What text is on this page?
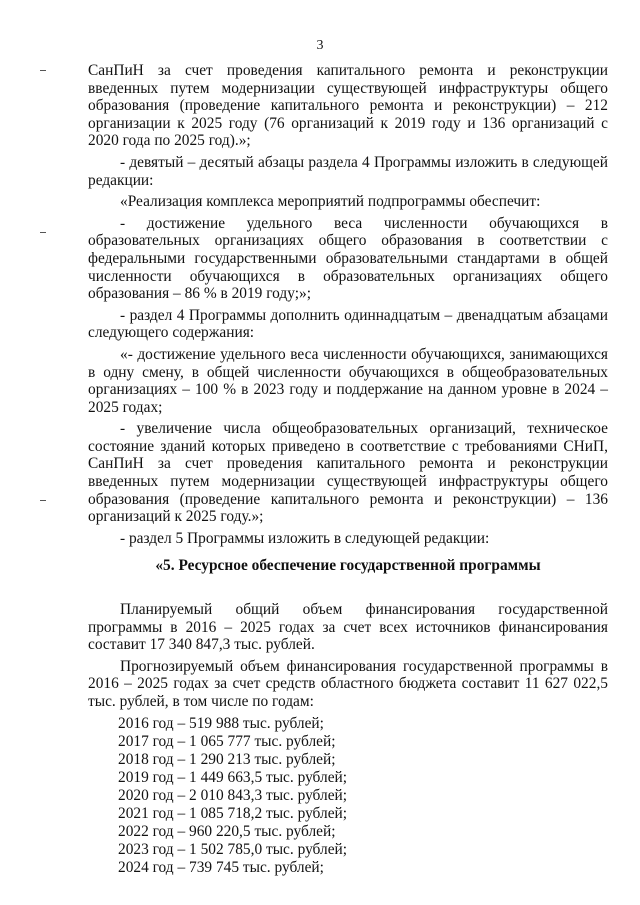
3

СанПиН за счет проведения капитального ремонта и реконструкции введенных путем модернизации существующей инфраструктуры общего образования (проведение капитального ремонта и реконструкции) – 212 организации к 2025 году (76 организаций к 2019 году и 136 организаций с 2020 года по 2025 год).»;

- девятый – десятый абзацы раздела 4 Программы изложить в следующей редакции:

«Реализация комплекса мероприятий подпрограммы обеспечит:

- достижение удельного веса численности обучающихся в образовательных организациях общего образования в соответствии с федеральными государственными образовательными стандартами в общей численности обучающихся в образовательных организациях общего образования – 86 % в 2019 году;»;

- раздел 4 Программы дополнить одиннадцатым – двенадцатым абзацами следующего содержания:

«- достижение удельного веса численности обучающихся, занимающихся в одну смену, в общей численности обучающихся в общеобразовательных организациях – 100 % в 2023 году и поддержание на данном уровне в 2024 – 2025 годах;

- увеличение числа общеобразовательных организаций, техническое состояние зданий которых приведено в соответствие с требованиями СНиП, СанПиН за счет проведения капитального ремонта и реконструкции введенных путем модернизации существующей инфраструктуры общего образования (проведение капитального ремонта и реконструкции) – 136 организаций к 2025 году.»;

- раздел 5 Программы изложить в следующей редакции:

«5. Ресурсное обеспечение государственной программы

Планируемый общий объем финансирования государственной программы в 2016 – 2025 годах за счет всех источников финансирования составит 17 340 847,3 тыс. рублей.

Прогнозируемый объем финансирования государственной программы в 2016 – 2025 годах за счет средств областного бюджета составит 11 627 022,5 тыс. рублей, в том числе по годам:

2016 год – 519 988 тыс. рублей;
2017 год – 1 065 777 тыс. рублей;
2018 год – 1 290 213 тыс. рублей;
2019 год – 1 449 663,5 тыс. рублей;
2020 год – 2 010 843,3 тыс. рублей;
2021 год – 1 085 718,2 тыс. рублей;
2022 год – 960 220,5 тыс. рублей;
2023 год – 1 502 785,0 тыс. рублей;
2024 год – 739 745 тыс. рублей;
